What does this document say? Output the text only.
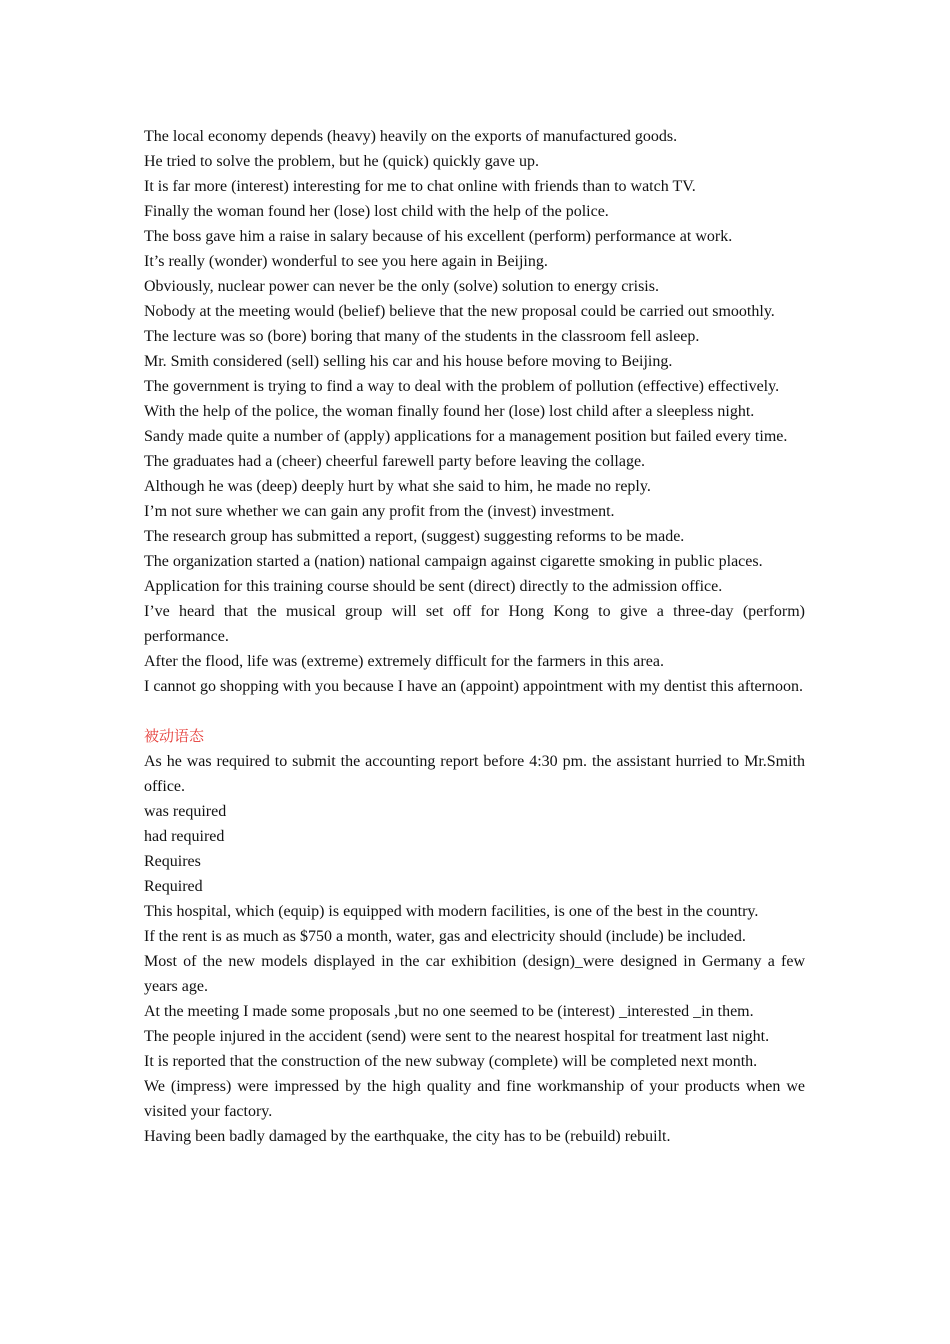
The local economy depends (heavy) heavily on the exports of manufactured goods.

He tried to solve the problem, but he (quick) quickly gave up.

It is far more (interest) interesting for me to chat online with friends than to watch TV.

Finally the woman found her (lose) lost child with the help of the police.

The boss gave him a raise in salary because of his excellent (perform) performance at work.

It’s really (wonder) wonderful to see you here again in Beijing.

Obviously, nuclear power can never be the only (solve) solution to energy crisis.

Nobody at the meeting would (belief) believe that the new proposal could be carried out smoothly.

The lecture was so (bore) boring that many of the students in the classroom fell asleep.

Mr. Smith considered (sell) selling his car and his house before moving to Beijing.

The government is trying to find a way to deal with the problem of pollution (effective) effectively.

With the help of the police, the woman finally found her (lose) lost child after a sleepless night.

Sandy made quite a number of (apply) applications for a management position but failed every time.

The graduates had a (cheer) cheerful farewell party before leaving the collage.

Although he was (deep) deeply hurt by what she said to him, he made no reply.

I’m not sure whether we can gain any profit from the (invest) investment.

The research group has submitted a report, (suggest) suggesting reforms to be made.

The organization started a (nation) national campaign against cigarette smoking in public places.

Application for this training course should be sent (direct) directly to the admission office.

I’ve heard that the musical group will set off for Hong Kong to give a three-day (perform) performance.

After the flood, life was (extreme) extremely difficult for the farmers in this area.

I cannot go shopping with you because I have an (appoint) appointment with my dentist this afternoon.

被动语态

As he was required to submit the accounting report before 4:30 pm. the assistant hurried to Mr.Smith office.

was required

had required

Requires

Required

This hospital, which (equip) is equipped with modern facilities, is one of the best in the country.

If the rent is as much as $750 a month, water, gas and electricity should (include) be included.

Most of the new models displayed in the car exhibition (design)_were designed in Germany a few years age.

At the meeting I made some proposals ,but no one seemed to be (interest) _interested _in them.

The people injured in the accident (send) were sent to the nearest hospital for treatment last night.

It is reported that the construction of the new subway (complete) will be completed next month.

We (impress) were impressed by the high quality and fine workmanship of your products when we visited your factory.

Having been badly damaged by the earthquake, the city has to be (rebuild) rebuilt.
